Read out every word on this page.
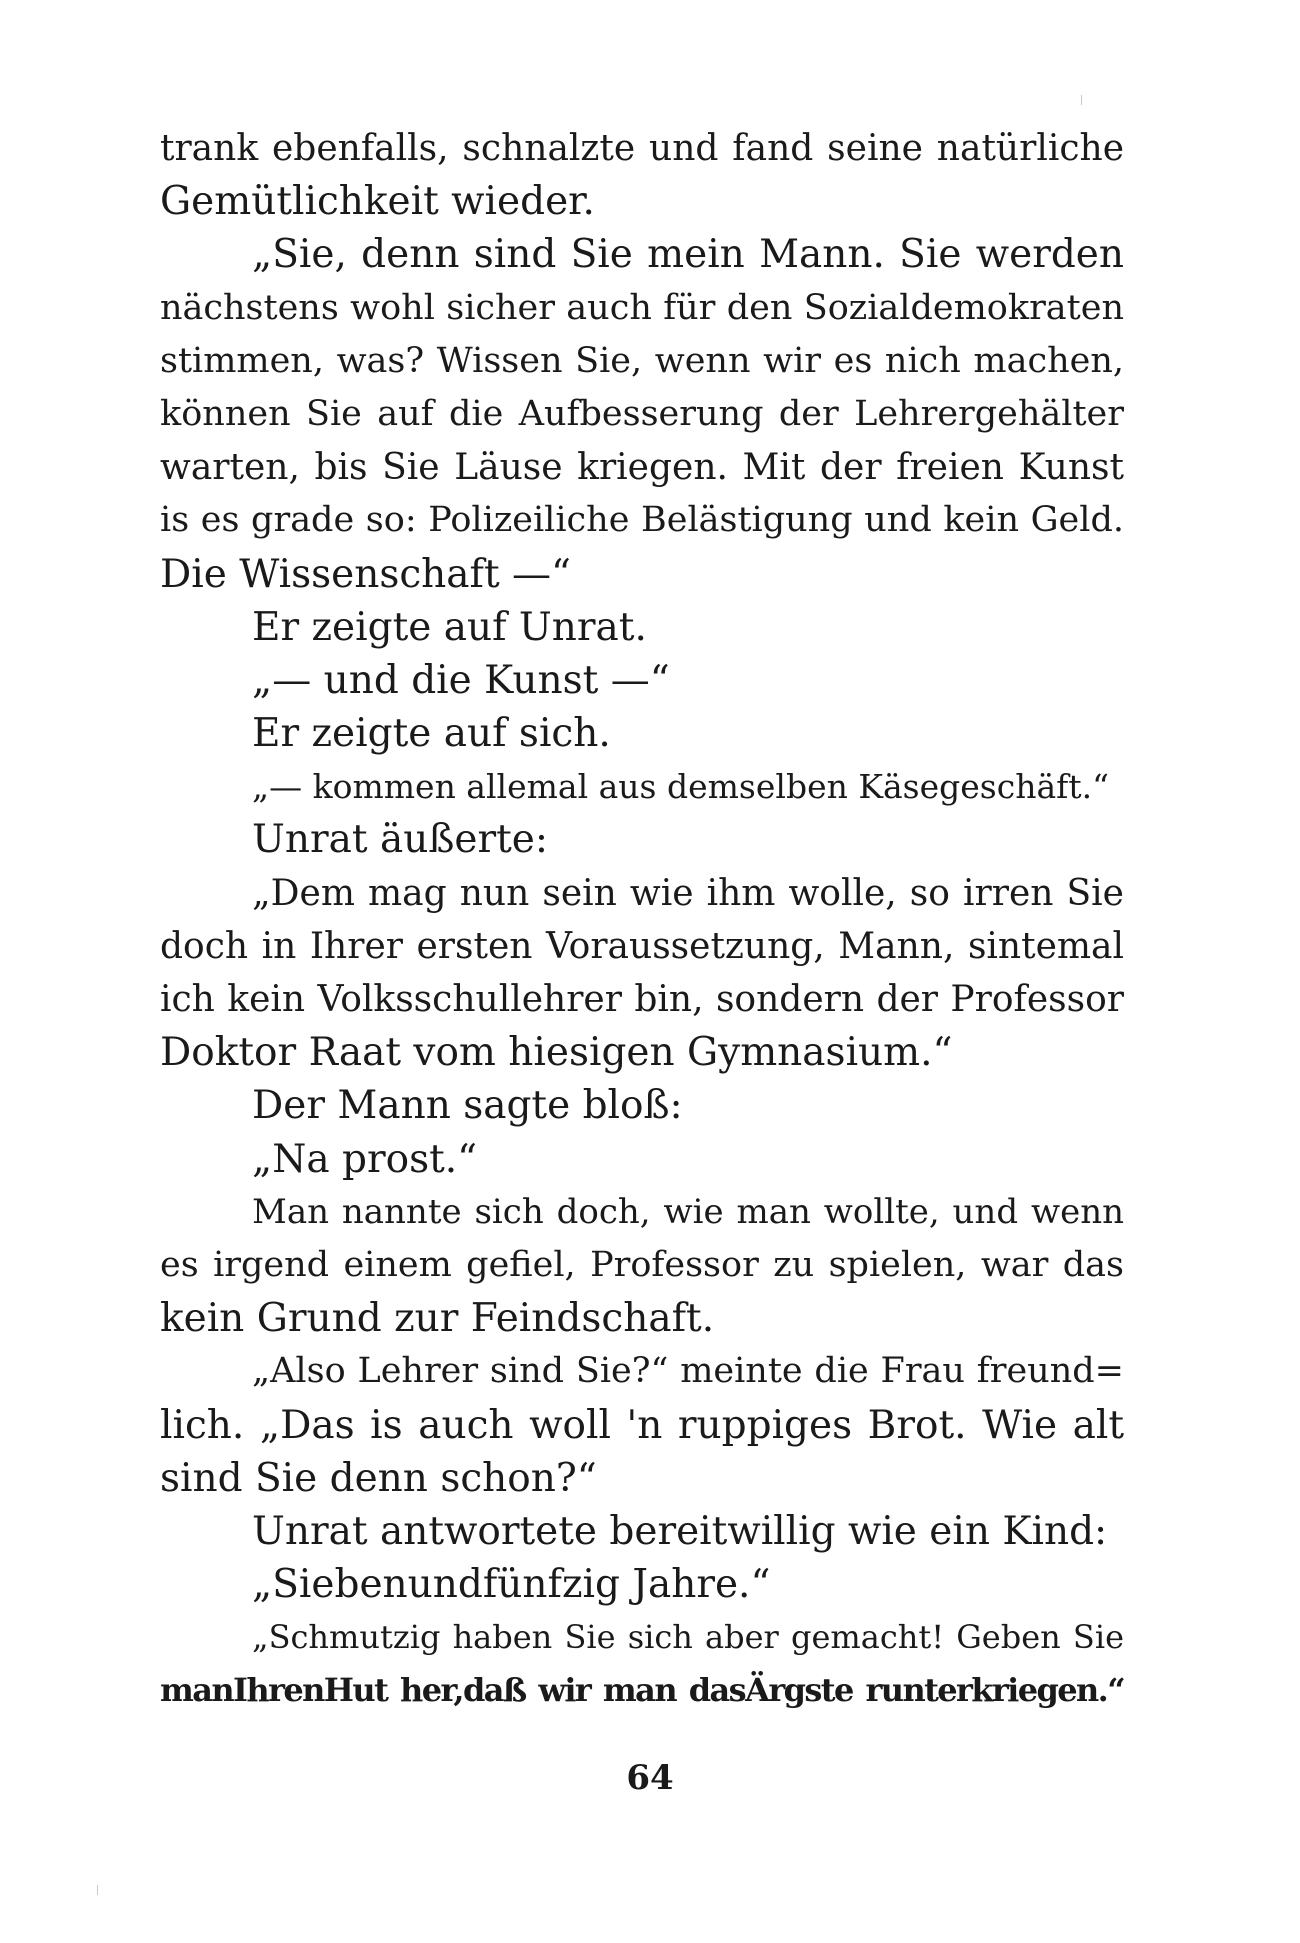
trank ebenfalls, schnalzte und fand seine natürliche
Gemütlichkeit wieder.
„Sie, denn sind Sie mein Mann. Sie werden
nächstens wohl sicher auch für den Sozialdemokraten
stimmen, was? Wissen Sie, wenn wir es nich machen,
können Sie auf die Aufbesserung der Lehrergehälter
warten, bis Sie Läuse kriegen. Mit der freien Kunst
is es grade so: Polizeiliche Belästigung und kein Geld.
Die Wissenschaft —“
Er zeigte auf Unrat.
„— und die Kunst —“
Er zeigte auf sich.
„— kommen allemal aus demselben Käsegeschäft.“
Unrat äußerte:
„Dem mag nun sein wie ihm wolle, so irren Sie
doch in Ihrer ersten Voraussetzung, Mann, sintemal
ich kein Volksschullehrer bin, sondern der Professor
Doktor Raat vom hiesigen Gymnasium.“
Der Mann sagte bloß:
„Na prost.“
Man nannte sich doch, wie man wollte, und wenn
es irgend einem gefiel, Professor zu spielen, war das
kein Grund zur Feindschaft.
„Also Lehrer sind Sie?“ meinte die Frau freund=
lich. „Das is auch woll 'n ruppiges Brot. Wie alt
sind Sie denn schon?“
Unrat antwortete bereitwillig wie ein Kind:
„Siebenundfünfzig Jahre.“
„Schmutzig haben Sie sich aber gemacht! Geben Sie
manIhrenHut her,daß wir man dasÄrgste runterkriegen.“
64
